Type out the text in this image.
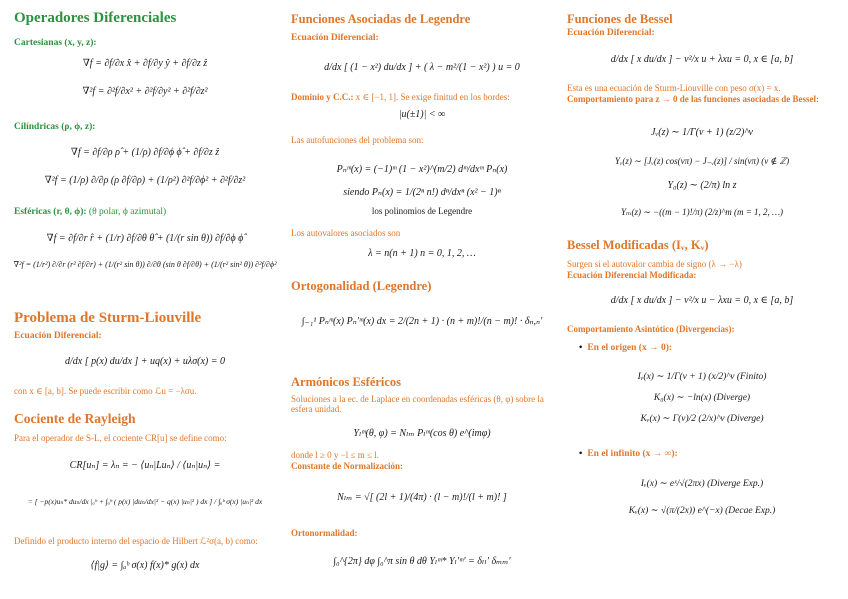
Operadores Diferenciales
Cartesianas (x, y, z):
∇f = ∂f/∂x x̂ + ∂f/∂y ŷ + ∂f/∂z ẑ
∇²f = ∂²f/∂x² + ∂²f/∂y² + ∂²f/∂z²
Cilíndricas (ρ, ϕ, z):
∇f = ∂f/∂ρ ρ̂ + (1/ρ) ∂f/∂ϕ ϕ̂ + ∂f/∂z ẑ
∇²f = (1/ρ) ∂/∂ρ (ρ ∂f/∂ρ) + (1/ρ²) ∂²f/∂ϕ² + ∂²f/∂z²
Esféricas (r, θ, ϕ): (θ polar, ϕ azimutal)
∇f = ∂f/∂r r̂ + (1/r) ∂f/∂θ θ̂ + (1/(r sin θ)) ∂f/∂ϕ ϕ̂
∇²f = (1/r²) ∂/∂r (r² ∂f/∂r) + (1/(r² sin θ)) ∂/∂θ (sin θ ∂f/∂θ) + (1/(r² sin² θ)) ∂²f/∂ϕ²
Problema de Sturm-Liouville
Ecuación Diferencial:
d/dx [ p(x) du/dx ] + uq(x) + uλσ(x) = 0
con x ∈ [a, b]. Se puede escribir como ℒu = −λσu.
Cociente de Rayleigh
Para el operador de S-L, el cociente CR[u] se define como:
CR[uₙ] = λₙ = − ⟨uₙ|Luₙ⟩ / ⟨uₙ|uₙ⟩ =
= [ −p(x)uₙ* duₙ/dx |ₐᵇ + ∫ₐᵇ ( p(x) |duₙ/dx|² − q(x) |uₙ|² ) dx ] / ∫ₐᵇ σ(x) |uₙ|² dx
Definido el producto interno del espacio de Hilbert ℒ²σ(a, b) como:
⟨f|g⟩ = ∫ₐᵇ σ(x) f(x)* g(x) dx
Funciones Asociadas de Legendre
Ecuación Diferencial:
d/dx [ (1 − x²) du/dx ] + ( λ − m²/(1 − x²) ) u = 0
Dominio y C.C.: x ∈ [−1, 1]. Se exige finitud en los bordes:
|u(±1)| < ∞
Las autofunciones del problema son:
Pₙᵐ(x) = (−1)ᵐ (1 − x²)^(m/2) dᵐ/dxᵐ Pₙ(x)
siendo Pₙ(x) = 1/(2ⁿ n!) dⁿ/dxⁿ (x² − 1)ⁿ
los polinomios de Legendre
Los autovalores asociados son
λ = n(n + 1) n = 0, 1, 2, …
Ortogonalidad (Legendre)
∫₋₁¹ Pₙᵐ(x) Pₙ′ᵐ(x) dx = 2/(2n + 1) · (n + m)!/(n − m)! · δₙ,ₙ′
Armónicos Esféricos
Soluciones a la ec. de Laplace en coordenadas esféricas (θ, φ) sobre la esfera unidad.
Yₗᵐ(θ, φ) = Nₗₘ Pₗᵐ(cos θ) e^(imφ)
donde l ≥ 0 y −l ≤ m ≤ l.
Constante de Normalización:
Nₗₘ = √[ (2l + 1)/(4π) · (l − m)!/(l + m)! ]
Ortonormalidad:
∫₀^{2π} dφ ∫₀^π sin θ dθ Yₗᵐ* Yₗ′ᵐ′ = δₗₗ′ δₘₘ′
Funciones de Bessel
Ecuación Diferencial:
d/dx [ x du/dx ] − ν²/x u + λxu = 0, x ∈ [a, b]
Esta es una ecuación de Sturm-Liouville con peso σ(x) = x.
Comportamiento para z → 0 de las funciones asociadas de Bessel:
Jᵥ(z) ∼ 1/Γ(ν + 1) (z/2)^ν
Yᵥ(z) ∼ [Jᵥ(z) cos(νπ) − J₋ᵥ(z)] / sin(νπ) (ν ∉ ℤ)
Y₀(z) ∼ (2/π) ln z
Yₘ(z) ∼ −((m − 1)!/π) (2/z)^m (m = 1, 2, …)
Bessel Modificadas (Iᵥ, Kᵥ)
Surgen si el autovalor cambia de signo (λ → −λ)
Ecuación Diferencial Modificada:
d/dx [ x du/dx ] − ν²/x u − λxu = 0, x ∈ [a, b]
Comportamiento Asintótico (Divergencias):
• En el origen (x → 0):
Iᵥ(x) ∼ 1/Γ(ν + 1) (x/2)^ν (Finito)
K₀(x) ∼ −ln(x) (Diverge)
Kᵥ(x) ∼ Γ(ν)/2 (2/x)^ν (Diverge)
• En el infinito (x → ∞):
Iᵥ(x) ∼ eˣ/√(2πx) (Diverge Exp.)
Kᵥ(x) ∼ √(π/(2x)) e^(−x) (Decae Exp.)
